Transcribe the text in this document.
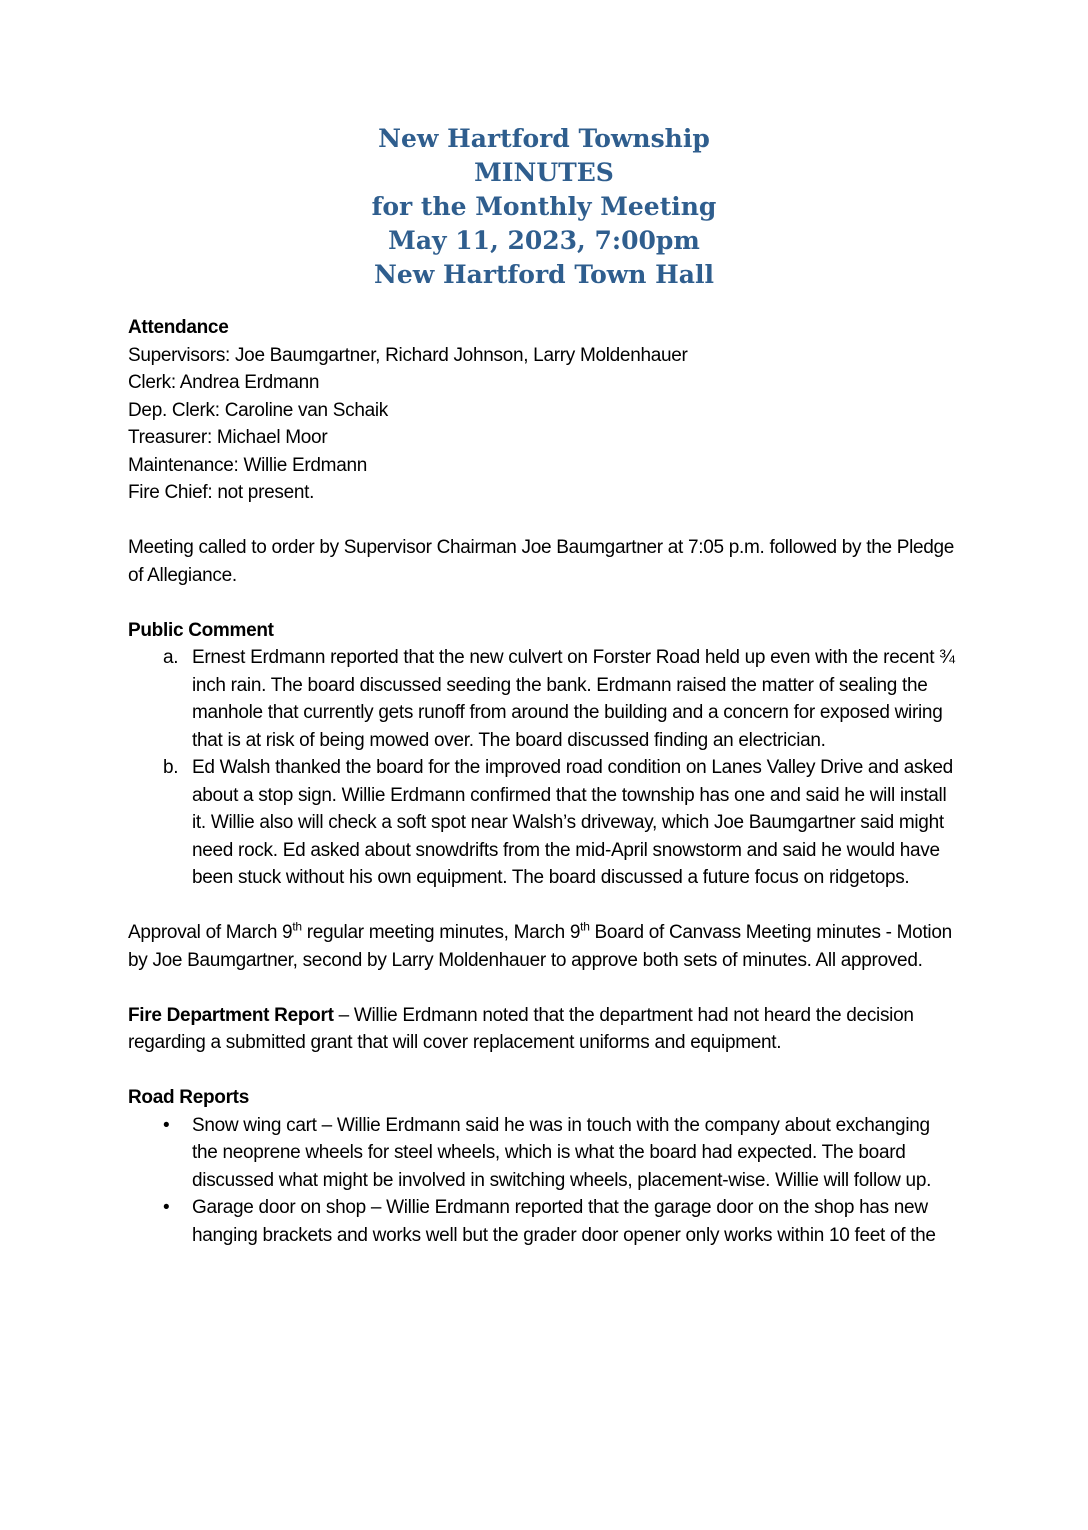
New Hartford Township
MINUTES
for the Monthly Meeting
May 11, 2023, 7:00pm
New Hartford Town Hall

Attendance

Supervisors: Joe Baumgartner, Richard Johnson, Larry Moldenhauer

Clerk: Andrea Erdmann

Dep. Clerk: Caroline van Schaik

Treasurer: Michael Moor

Maintenance: Willie Erdmann

Fire Chief: not present.

Meeting called to order by Supervisor Chairman Joe Baumgartner at 7:05 p.m. followed by the Pledge of Allegiance.

Public Comment

a. Ernest Erdmann reported that the new culvert on Forster Road held up even with the recent ¾ inch rain. The board discussed seeding the bank. Erdmann raised the matter of sealing the manhole that currently gets runoff from around the building and a concern for exposed wiring that is at risk of being mowed over. The board discussed finding an electrician.
b. Ed Walsh thanked the board for the improved road condition on Lanes Valley Drive and asked about a stop sign. Willie Erdmann confirmed that the township has one and said he will install it. Willie also will check a soft spot near Walsh’s driveway, which Joe Baumgartner said might need rock. Ed asked about snowdrifts from the mid-April snowstorm and said he would have been stuck without his own equipment. The board discussed a future focus on ridgetops.

Approval of March 9th regular meeting minutes, March 9th Board of Canvass Meeting minutes - Motion by Joe Baumgartner, second by Larry Moldenhauer to approve both sets of minutes. All approved.

Fire Department Report – Willie Erdmann noted that the department had not heard the decision regarding a submitted grant that will cover replacement uniforms and equipment.

Road Reports

•	Snow wing cart – Willie Erdmann said he was in touch with the company about exchanging the neoprene wheels for steel wheels, which is what the board had expected. The board discussed what might be involved in switching wheels, placement-wise. Willie will follow up.
•	Garage door on shop – Willie Erdmann reported that the garage door on the shop has new hanging brackets and works well but the grader door opener only works within 10 feet of the
